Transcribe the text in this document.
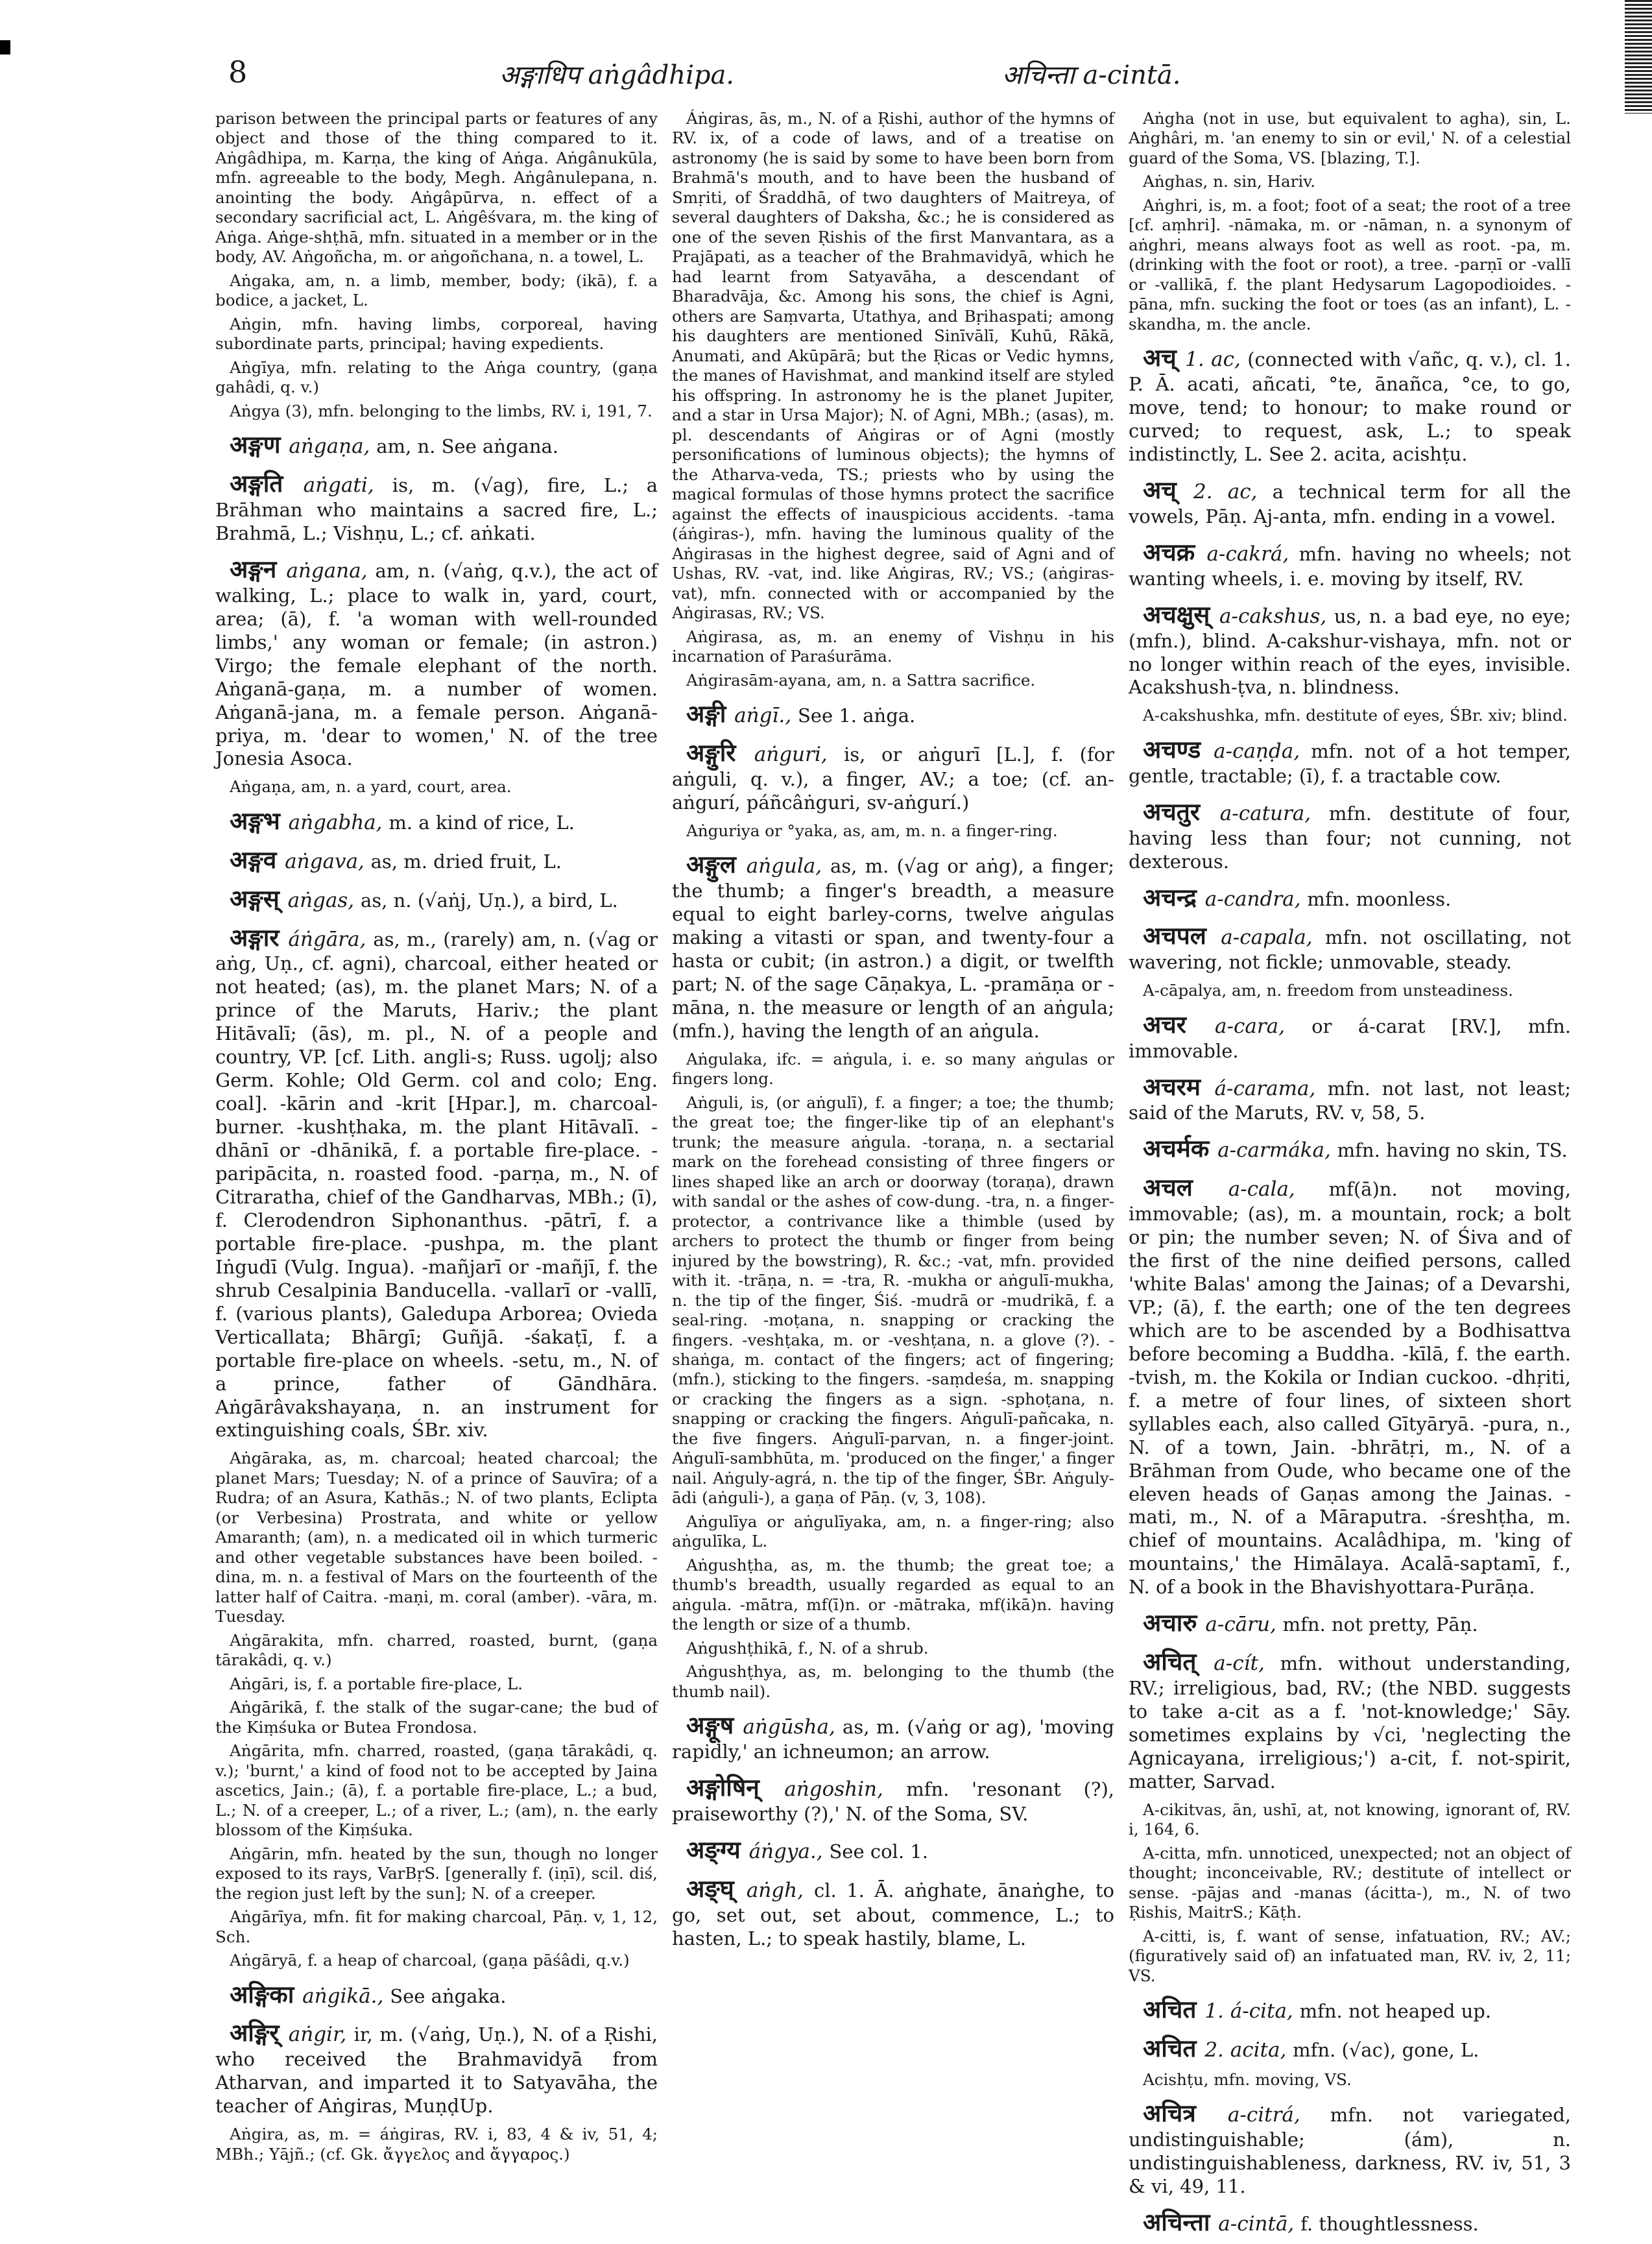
8	अङ्गाधिप aṅgâdhipa.	अचिन्ता a-cintā.

parison between the principal parts or features of any object and those of the thing compared to it. Aṅgâdhipa, m. Karṇa, the king of Aṅga. Aṅgânukūla, mfn. agreeable to the body, Megh. Aṅgânulepana, n. anointing the body. Aṅgâpūrva, n. effect of a secondary sacrificial act, L. Aṅgêśvara, m. the king of Aṅga. Aṅge-shṭhā, mfn. situated in a member or in the body, AV. Aṅgoñcha, m. or aṅgoñchana, n. a towel, L.

Aṅgaka, am, n. a limb, member, body; (ikā), f. a bodice, a jacket, L.

Aṅgin, mfn. having limbs, corporeal, having subordinate parts, principal; having expedients.

Aṅgīya, mfn. relating to the Aṅga country, (gaṇa gahâdi, q. v.)

Aṅgya (3), mfn. belonging to the limbs, RV. i, 191, 7.

अङ्गण aṅgaṇa, am, n. See aṅgana.

अङ्गति aṅgati, is, m. (√ag), fire, L.; a Brāhman who maintains a sacred fire, L.; Brahmā, L.; Vishṇu, L.; cf. aṅkati.

अङ्गन aṅgana, am, n. (√aṅg, q.v.), the act of walking, L.; place to walk in, yard, court, area; (ā), f. 'a woman with well-rounded limbs,' any woman or female; (in astron.) Virgo; the female elephant of the north. Aṅganā-gaṇa, m. a number of women. Aṅganā-jana, m. a female person. Aṅganā-priya, m. 'dear to women,' N. of the tree Jonesia Asoca.

Aṅgaṇa, am, n. a yard, court, area.

अङ्गभ aṅgabha, m. a kind of rice, L.

अङ्गव aṅgava, as, m. dried fruit, L.

अङ्गस् aṅgas, as, n. (√aṅj, Uṇ.), a bird, L.

अङ्गार áṅgāra, as, m., (rarely) am, n. (√ag or aṅg, Uṇ., cf. agni), charcoal, either heated or not heated; (as), m. the planet Mars; N. of a prince of the Maruts, Hariv.; the plant Hitāvalī; (ās), m. pl., N. of a people and country, VP. [cf. Lith. angli-s; Russ. ugolj; also Germ. Kohle; Old Germ. col and colo; Eng. coal]. -kārin and -krit [Hpar.], m. charcoal-burner. -kushṭhaka, m. the plant Hitāvalī. -dhānī or -dhānikā, f. a portable fire-place. -paripācita, n. roasted food. -parṇa, m., N. of Citraratha, chief of the Gandharvas, MBh.; (ī), f. Clerodendron Siphonanthus. -pātrī, f. a portable fire-place. -pushpa, m. the plant Iṅgudī (Vulg. Ingua). -mañjarī or -mañjī, f. the shrub Cesalpinia Banducella. -vallarī or -vallī, f. (various plants), Galedupa Arborea; Ovieda Verticallata; Bhārgī; Guñjā. -śakaṭī, f. a portable fire-place on wheels. -setu, m., N. of a prince, father of Gāndhāra. Aṅgārâvakshayaṇa, n. an instrument for extinguishing coals, ŚBr. xiv.

Aṅgāraka, as, m. charcoal; heated charcoal; the planet Mars; Tuesday; N. of a prince of Sauvīra; of a Rudra; of an Asura, Kathās.; N. of two plants, Eclipta (or Verbesina) Prostrata, and white or yellow Amaranth; (am), n. a medicated oil in which turmeric and other vegetable substances have been boiled. -dina, m. n. a festival of Mars on the fourteenth of the latter half of Caitra. -maṇi, m. coral (amber). -vāra, m. Tuesday.

Aṅgārakita, mfn. charred, roasted, burnt, (gaṇa tārakâdi, q. v.)

Aṅgāri, is, f. a portable fire-place, L.

Aṅgārikā, f. the stalk of the sugar-cane; the bud of the Kiṃśuka or Butea Frondosa.

Aṅgārita, mfn. charred, roasted, (gaṇa tārakâdi, q. v.); 'burnt,' a kind of food not to be accepted by Jaina ascetics, Jain.; (ā), f. a portable fire-place, L.; a bud, L.; N. of a creeper, L.; of a river, L.; (am), n. the early blossom of the Kiṃśuka.

Aṅgārin, mfn. heated by the sun, though no longer exposed to its rays, VarBṛS. [generally f. (iṇī), scil. diś, the region just left by the sun]; N. of a creeper.

Aṅgārīya, mfn. fit for making charcoal, Pāṇ. v, 1, 12, Sch.

Aṅgāryā, f. a heap of charcoal, (gaṇa pāśâdi, q.v.)

अङ्गिका aṅgikā., See aṅgaka.

अङ्गिर् aṅgir, ir, m. (√aṅg, Uṇ.), N. of a Ṛishi, who received the Brahmavidyā from Atharvan, and imparted it to Satyavāha, the teacher of Aṅgiras, MuṇḍUp.

Aṅgira, as, m. = áṅgiras, RV. i, 83, 4 & iv, 51, 4; MBh.; Yājñ.; (cf. Gk. ἄγγελος and ἄγγαρος.)

Áṅgiras, ās, m., N. of a Ṛishi, author of the hymns of RV. ix, of a code of laws, and of a treatise on astronomy (he is said by some to have been born from Brahmā's mouth, and to have been the husband of Smṛiti, of Śraddhā, of two daughters of Maitreya, of several daughters of Daksha, &c.; he is considered as one of the seven Ṛishis of the first Manvantara, as a Prajāpati, as a teacher of the Brahmavidyā, which he had learnt from Satyavāha, a descendant of Bharadvāja, &c. Among his sons, the chief is Agni, others are Saṃvarta, Utathya, and Bṛihaspati; among his daughters are mentioned Sinīvālī, Kuhū, Rākā, Anumati, and Akūpārā; but the Ṛicas or Vedic hymns, the manes of Havishmat, and mankind itself are styled his offspring. In astronomy he is the planet Jupiter, and a star in Ursa Major); N. of Agni, MBh.; (asas), m. pl. descendants of Aṅgiras or of Agni (mostly personifications of luminous objects); the hymns of the Atharva-veda, TS.; priests who by using the magical formulas of those hymns protect the sacrifice against the effects of inauspicious accidents. -tama (áṅgiras-), mfn. having the luminous quality of the Aṅgirasas in the highest degree, said of Agni and of Ushas, RV. -vat, ind. like Aṅgiras, RV.; VS.; (aṅgiras-vat), mfn. connected with or accompanied by the Aṅgirasas, RV.; VS.

Aṅgirasa, as, m. an enemy of Vishṇu in his incarnation of Paraśurāma.

Aṅgirasām-ayana, am, n. a Sattra sacrifice.

अङ्गी aṅgī., See 1. aṅga.

अङ्गुरि aṅguri, is, or aṅgurī [L.], f. (for aṅguli, q. v.), a finger, AV.; a toe; (cf. an-aṅgurí, páñcâṅguri, sv-aṅgurí.)

Aṅguriya or °yaka, as, am, m. n. a finger-ring.

अङ्गुल aṅgula, as, m. (√ag or aṅg), a finger; the thumb; a finger's breadth, a measure equal to eight barley-corns, twelve aṅgulas making a vitasti or span, and twenty-four a hasta or cubit; (in astron.) a digit, or twelfth part; N. of the sage Cāṇakya, L. -pramāṇa or -māna, n. the measure or length of an aṅgula; (mfn.), having the length of an aṅgula.

Aṅgulaka, ifc. = aṅgula, i. e. so many aṅgulas or fingers long.

Aṅguli, is, (or aṅgulī), f. a finger; a toe; the thumb; the great toe; the finger-like tip of an elephant's trunk; the measure aṅgula. -toraṇa, n. a sectarial mark on the forehead consisting of three fingers or lines shaped like an arch or doorway (toraṇa), drawn with sandal or the ashes of cow-dung. -tra, n. a finger-protector, a contrivance like a thimble (used by archers to protect the thumb or finger from being injured by the bowstring), R. &c.; -vat, mfn. provided with it. -trāṇa, n. = -tra, R. -mukha or aṅgulī-mukha, n. the tip of the finger, Śiś. -mudrā or -mudrikā, f. a seal-ring. -moṭana, n. snapping or cracking the fingers. -veshṭaka, m. or -veshṭana, n. a glove (?). -shaṅga, m. contact of the fingers; act of fingering; (mfn.), sticking to the fingers. -saṃdeśa, m. snapping or cracking the fingers as a sign. -sphoṭana, n. snapping or cracking the fingers. Aṅgulī-pañcaka, n. the five fingers. Aṅgulī-parvan, n. a finger-joint. Aṅgulī-sambhūta, m. 'produced on the finger,' a finger nail. Aṅguly-agrá, n. the tip of the finger, ŚBr. Aṅguly-ādi (aṅguli-), a gaṇa of Pāṇ. (v, 3, 108).

Aṅgulīya or aṅgulīyaka, am, n. a finger-ring; also aṅgulīka, L.

Aṅgushṭha, as, m. the thumb; the great toe; a thumb's breadth, usually regarded as equal to an aṅgula. -mātra, mf(ī)n. or -mātraka, mf(ikā)n. having the length or size of a thumb.

Aṅgushṭhikā, f., N. of a shrub.

Aṅgushṭhya, as, m. belonging to the thumb (the thumb nail).

अङ्गूष aṅgūsha, as, m. (√aṅg or ag), 'moving rapidly,' an ichneumon; an arrow.

अङ्गोषिन् aṅgoshin, mfn. 'resonant (?), praiseworthy (?),' N. of the Soma, SV.

अङ्ग्य áṅgya., See col. 1.

अङ्घ् aṅgh, cl. 1. Ā. aṅghate, ānaṅghe, to go, set out, set about, commence, L.; to hasten, L.; to speak hastily, blame, L.

Aṅgha (not in use, but equivalent to agha), sin, L. Aṅghâri, m. 'an enemy to sin or evil,' N. of a celestial guard of the Soma, VS. [blazing, T.].

Aṅghas, n. sin, Hariv.

Aṅghri, is, m. a foot; foot of a seat; the root of a tree [cf. aṃhri]. -nāmaka, m. or -nāman, n. a synonym of aṅghri, means always foot as well as root. -pa, m. (drinking with the foot or root), a tree. -parṇī or -vallī or -vallikā, f. the plant Hedysarum Lagopodioides. -pāna, mfn. sucking the foot or toes (as an infant), L. -skandha, m. the ancle.

अच् 1. ac, (connected with √añc, q. v.), cl. 1. P. Ā. acati, añcati, °te, ānañca, °ce, to go, move, tend; to honour; to make round or curved; to request, ask, L.; to speak indistinctly, L. See 2. acita, acishṭu.

अच् 2. ac, a technical term for all the vowels, Pāṇ. Aj-anta, mfn. ending in a vowel.

अचक्र a-cakrá, mfn. having no wheels; not wanting wheels, i. e. moving by itself, RV.

अचक्षुस् a-cakshus, us, n. a bad eye, no eye; (mfn.), blind. A-cakshur-vishaya, mfn. not or no longer within reach of the eyes, invisible. Acakshush-ṭva, n. blindness.

A-cakshushka, mfn. destitute of eyes, ŚBr. xiv; blind.

अचण्ड a-caṇḍa, mfn. not of a hot temper, gentle, tractable; (ī), f. a tractable cow.

अचतुर a-catura, mfn. destitute of four, having less than four; not cunning, not dexterous.

अचन्द्र a-candra, mfn. moonless.

अचपल a-capala, mfn. not oscillating, not wavering, not fickle; unmovable, steady.

A-cāpalya, am, n. freedom from unsteadiness.

अचर a-cara, or á-carat [RV.], mfn. immovable.

अचरम á-carama, mfn. not last, not least; said of the Maruts, RV. v, 58, 5.

अचर्मक a-carmáka, mfn. having no skin, TS.

अचल a-cala, mf(ā)n. not moving, immovable; (as), m. a mountain, rock; a bolt or pin; the number seven; N. of Śiva and of the first of the nine deified persons, called 'white Balas' among the Jainas; of a Devarshi, VP.; (ā), f. the earth; one of the ten degrees which are to be ascended by a Bodhisattva before becoming a Buddha. -kīlā, f. the earth. -tvish, m. the Kokila or Indian cuckoo. -dhṛiti, f. a metre of four lines, of sixteen short syllables each, also called Gītyāryā. -pura, n., N. of a town, Jain. -bhrātṛi, m., N. of a Brāhman from Oude, who became one of the eleven heads of Gaṇas among the Jainas. -mati, m., N. of a Māraputra. -śreshṭha, m. chief of mountains. Acalâdhipa, m. 'king of mountains,' the Himālaya. Acalā-saptamī, f., N. of a book in the Bhavishyottara-Purāṇa.

अचारु a-cāru, mfn. not pretty, Pāṇ.

अचित् a-cít, mfn. without understanding, RV.; irreligious, bad, RV.; (the NBD. suggests to take a-cit as a f. 'not-knowledge;' Sāy. sometimes explains by √ci, 'neglecting the Agnicayana, irreligious;') a-cit, f. not-spirit, matter, Sarvad.

A-cikitvas, ān, ushī, at, not knowing, ignorant of, RV. i, 164, 6.

A-citta, mfn. unnoticed, unexpected; not an object of thought; inconceivable, RV.; destitute of intellect or sense. -pājas and -manas (ácitta-), m., N. of two Ṛishis, MaitrS.; Kāṭh.

A-citti, is, f. want of sense, infatuation, RV.; AV.; (figuratively said of) an infatuated man, RV. iv, 2, 11; VS.

अचित 1. á-cita, mfn. not heaped up.

अचित 2. acita, mfn. (√ac), gone, L.

Acishṭu, mfn. moving, VS.

अचित्र a-citrá, mfn. not variegated, undistinguishable; (ám), n. undistinguishableness, darkness, RV. iv, 51, 3 & vi, 49, 11.

अचिन्ता a-cintā, f. thoughtlessness.
